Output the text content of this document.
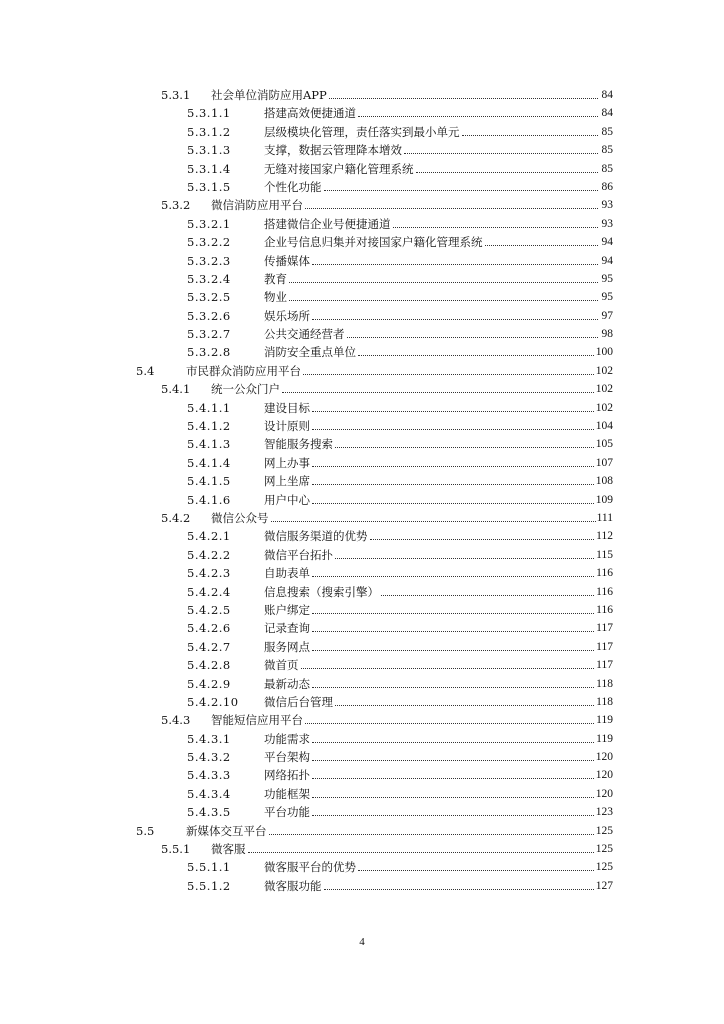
5.3.1 社会单位消防应用APP	84
5.3.1.1	搭建高效便捷通道	84
5.3.1.2	层级模块化管理，责任落实到最小单元	85
5.3.1.3	支撑，数据云管理降本增效	85
5.3.1.4	无缝对接国家户籍化管理系统	85
5.3.1.5	个性化功能	86
5.3.2 微信消防应用平台	93
5.3.2.1	搭建微信企业号便捷通道	93
5.3.2.2	企业号信息归集并对接国家户籍化管理系统	94
5.3.2.3	传播媒体	94
5.3.2.4	教育	95
5.3.2.5	物业	95
5.3.2.6	娱乐场所	97
5.3.2.7	公共交通经营者	98
5.3.2.8	消防安全重点单位	100
5.4	市民群众消防应用平台	102
5.4.1 统一公众门户	102
5.4.1.1	建设目标	102
5.4.1.2	设计原则	104
5.4.1.3	智能服务搜索	105
5.4.1.4	网上办事	107
5.4.1.5	网上坐席	108
5.4.1.6	用户中心	109
5.4.2 微信公众号	111
5.4.2.1	微信服务渠道的优势	112
5.4.2.2	微信平台拓扑	115
5.4.2.3	自助表单	116
5.4.2.4	信息搜索（搜索引擎）	116
5.4.2.5	账户绑定	116
5.4.2.6	记录查询	117
5.4.2.7	服务网点	117
5.4.2.8	微首页	117
5.4.2.9	最新动态	118
5.4.2.10 微信后台管理	118
5.4.3 智能短信应用平台	119
5.4.3.1	功能需求	119
5.4.3.2	平台架构	120
5.4.3.3	网络拓扑	120
5.4.3.4	功能框架	120
5.4.3.5	平台功能	123
5.5	新媒体交互平台	125
5.5.1 微客服	125
5.5.1.1	微客服平台的优势	125
5.5.1.2	微客服功能	127
4
